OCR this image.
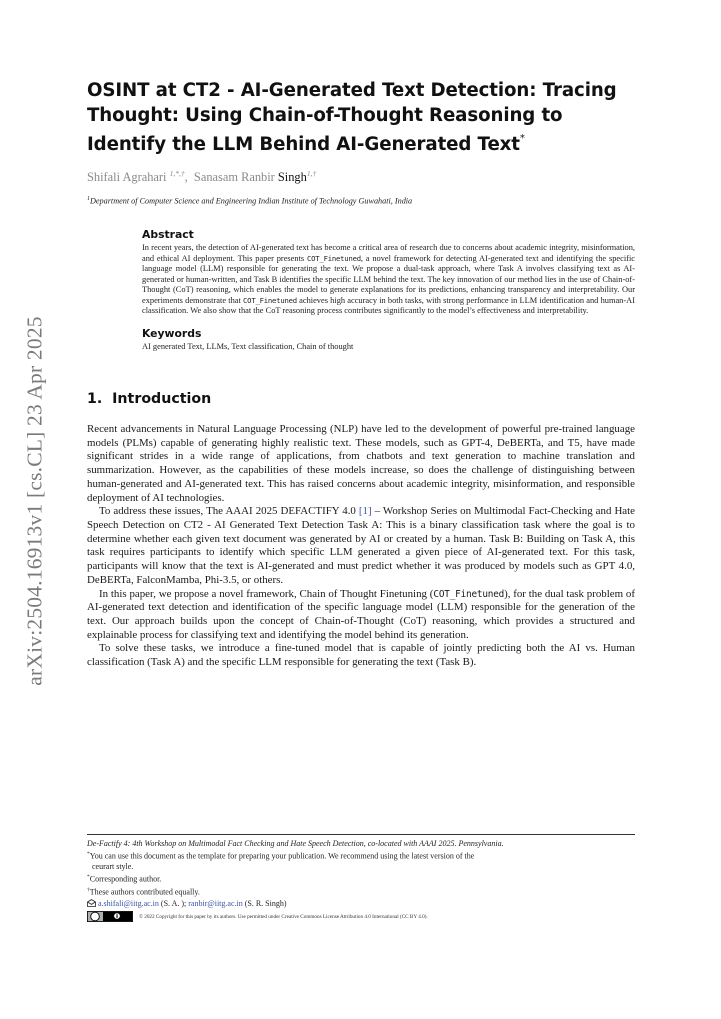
arXiv:2504.16913v1 [cs.CL] 23 Apr 2025
OSINT at CT2 - AI-Generated Text Detection: Tracing Thought: Using Chain-of-Thought Reasoning to Identify the LLM Behind AI-Generated Text*
Shifali Agrahari $^{1,*,\dagger}$, Sanasam Ranbir Singh$^{1,\dagger}$
$^1$Department of Computer Science and Engineering Indian Institute of Technology Guwahati, India
Abstract
In recent years, the detection of AI-generated text has become a critical area of research due to concerns about academic integrity, misinformation, and ethical AI deployment. This paper presents COT_Finetuned, a novel framework for detecting AI-generated text and identifying the specific language model (LLM) responsible for generating the text. We propose a dual-task approach, where Task A involves classifying text as AI-generated or human-written, and Task B identifies the specific LLM behind the text. The key innovation of our method lies in the use of Chain-of-Thought (CoT) reasoning, which enables the model to generate explanations for its predictions, enhancing transparency and interpretability. Our experiments demonstrate that COT_Finetuned achieves high accuracy in both tasks, with strong performance in LLM identification and human-AI classification. We also show that the CoT reasoning process contributes significantly to the model’s effectiveness and interpretability.
Keywords
AI generated Text, LLMs, Text classification, Chain of thought
1. Introduction

Recent advancements in Natural Language Processing (NLP) have led to the development of powerful pre-trained language models (PLMs) capable of generating highly realistic text. These models, such as GPT-4, DeBERTa, and T5, have made significant strides in a wide range of applications, from chatbots and text generation to machine translation and summarization. However, as the capabilities of these models increase, so does the challenge of distinguishing between human-generated and AI-generated text. This has raised concerns about academic integrity, misinformation, and responsible deployment of AI technologies.

To address these issues, The AAAI 2025 DEFACTIFY 4.0 [1] – Workshop Series on Multimodal Fact-Checking and Hate Speech Detection on CT2 - AI Generated Text Detection Task A: This is a binary classification task where the goal is to determine whether each given text document was generated by AI or created by a human. Task B: Building on Task A, this task requires participants to identify which specific LLM generated a given piece of AI-generated text. For this task, participants will know that the text is AI-generated and must predict whether it was produced by models such as GPT 4.0, DeBERTa, FalconMamba, Phi-3.5, or others.

In this paper, we propose a novel framework, Chain of Thought Finetuning (COT_Finetuned), for the dual task problem of AI-generated text detection and identification of the specific language model (LLM) responsible for the generation of the text. Our approach builds upon the concept of Chain-of-Thought (CoT) reasoning, which provides a structured and explainable process for classifying text and identifying the model behind its generation.

To solve these tasks, we introduce a fine-tuned model that is capable of jointly predicting both the AI vs. Human classification (Task A) and the specific LLM responsible for generating the text (Task B).

De-Factify 4: 4th Workshop on Multimodal Fact Checking and Hate Speech Detection, co-located with AAAI 2025. Pennsylvania.
*You can use this document as the template for preparing your publication. We recommend using the latest version of the
ceurart style.
*Corresponding author.
†These authors contributed equally.
a.shifali@iitg.ac.in (S. A. ); ranbir@iitg.ac.in (S. R. Singh)
© 2022 Copyright for this paper by its authors. Use permitted under Creative Commons License Attribution 4.0 International (CC BY 4.0).
